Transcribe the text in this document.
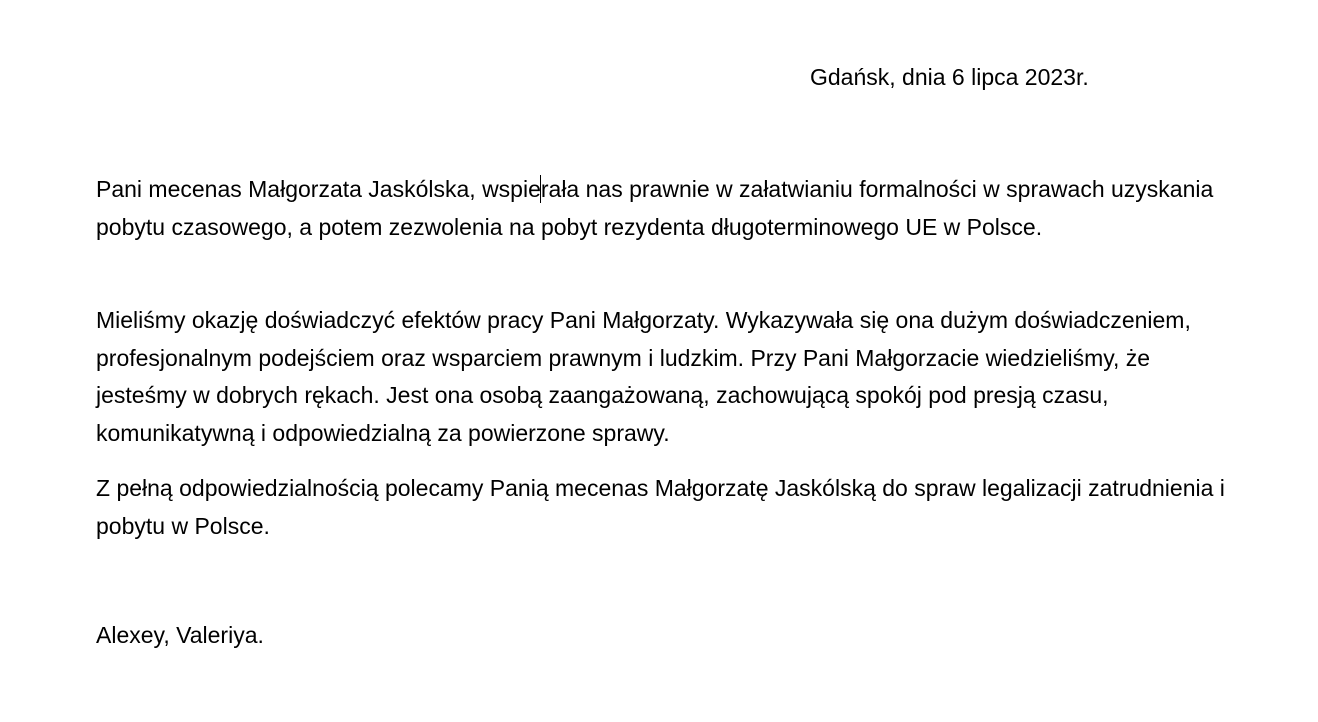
Gdańsk, dnia 6 lipca 2023r.
Pani mecenas Małgorzata Jaskólska, wspierała nas prawnie w załatwianiu formalności w sprawach uzyskania pobytu czasowego, a potem zezwolenia na pobyt rezydenta długoterminowego UE w Polsce.
Mieliśmy okazję doświadczyć efektów pracy Pani Małgorzaty. Wykazywała się ona dużym doświadczeniem, profesjonalnym podejściem oraz wsparciem prawnym i ludzkim. Przy Pani Małgorzacie wiedzieliśmy, że jesteśmy w dobrych rękach. Jest ona osobą zaangażowaną, zachowującą spokój pod presją czasu, komunikatywną i odpowiedzialną za powierzone sprawy.
Z pełną odpowiedzialnością polecamy Panią mecenas Małgorzatę Jaskólską do spraw legalizacji zatrudnienia i pobytu w Polsce.
Alexey, Valeriya.
